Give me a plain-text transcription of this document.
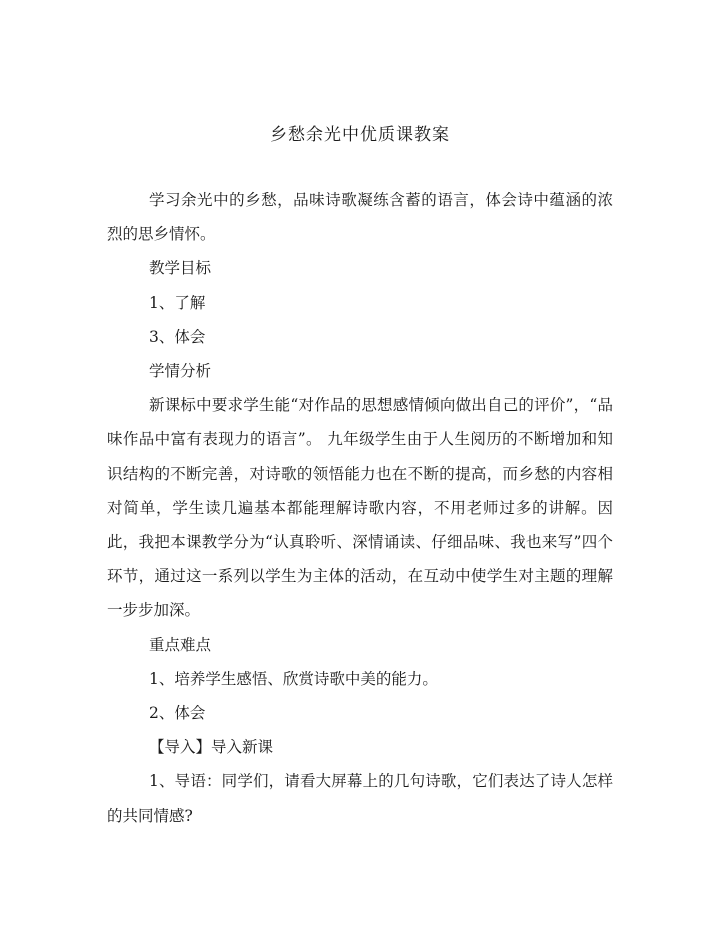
乡愁余光中优质课教案

学习余光中的乡愁，品味诗歌凝练含蓄的语言，体会诗中蕴涵的浓烈的思乡情怀。

教学目标

1、了解

3、体会

学情分析

新课标中要求学生能“对作品的思想感情倾向做出自己的评价”，“品味作品中富有表现力的语言”。 九年级学生由于人生阅历的不断增加和知识结构的不断完善，对诗歌的领悟能力也在不断的提高，而乡愁的内容相对简单，学生读几遍基本都能理解诗歌内容，不用老师过多的讲解。因此，我把本课教学分为“认真聆听、深情诵读、仔细品味、我也来写”四个环节，通过这一系列以学生为主体的活动，在互动中使学生对主题的理解一步步加深。

重点难点

1、培养学生感悟、欣赏诗歌中美的能力。

2、体会

【导入】导入新课

1、导语：同学们，请看大屏幕上的几句诗歌，它们表达了诗人怎样的共同情感?
